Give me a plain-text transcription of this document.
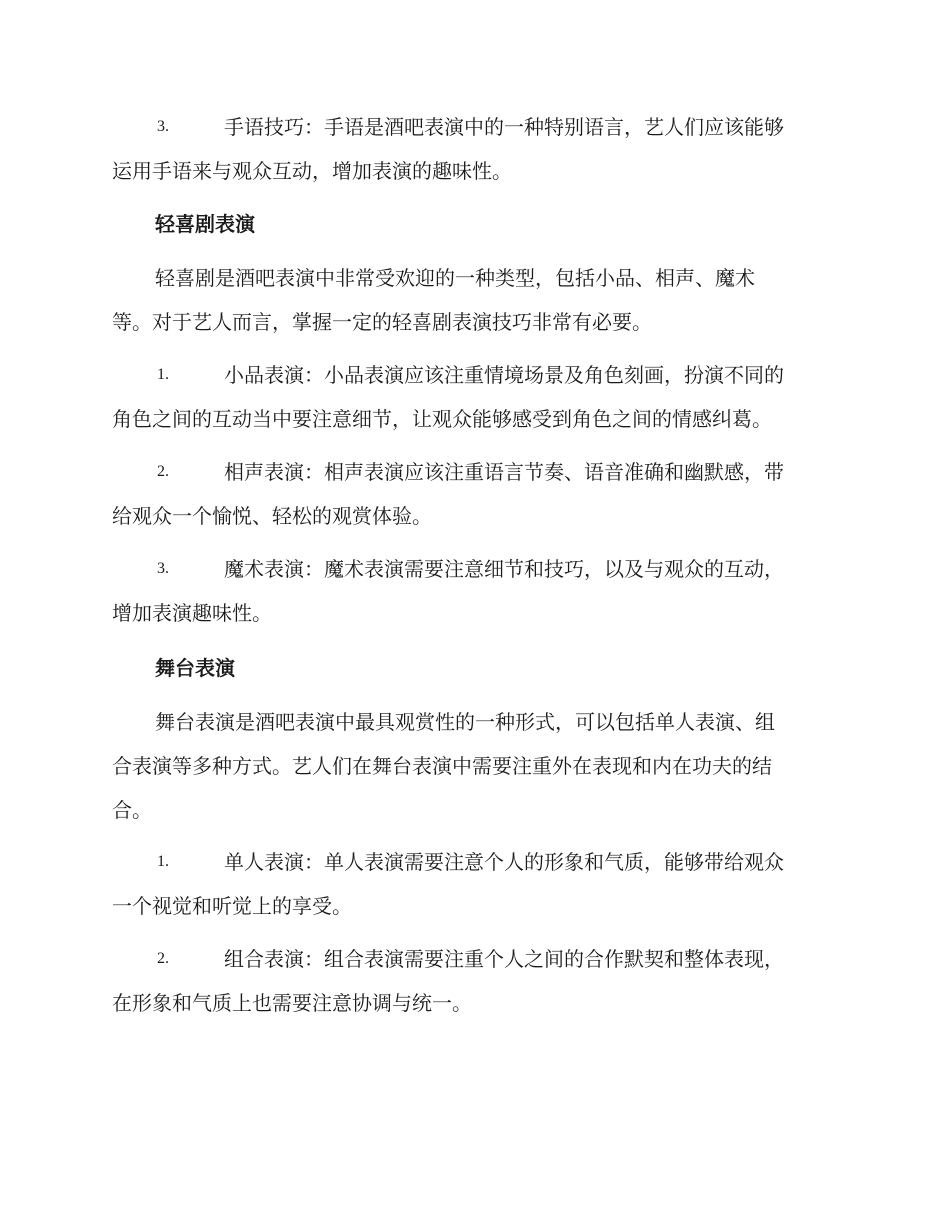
3.	手语技巧：手语是酒吧表演中的一种特别语言，艺人们应该能够
运用手语来与观众互动，增加表演的趣味性。
轻喜剧表演
轻喜剧是酒吧表演中非常受欢迎的一种类型，包括小品、相声、魔术
等。对于艺人而言，掌握一定的轻喜剧表演技巧非常有必要。
1.	小品表演：小品表演应该注重情境场景及角色刻画，扮演不同的
角色之间的互动当中要注意细节，让观众能够感受到角色之间的情感纠葛。
2.	相声表演：相声表演应该注重语言节奏、语音准确和幽默感，带
给观众一个愉悦、轻松的观赏体验。
3.	魔术表演：魔术表演需要注意细节和技巧，以及与观众的互动，
增加表演趣味性。
舞台表演
舞台表演是酒吧表演中最具观赏性的一种形式，可以包括单人表演、组
合表演等多种方式。艺人们在舞台表演中需要注重外在表现和内在功夫的结
合。
1.	单人表演：单人表演需要注意个人的形象和气质，能够带给观众
一个视觉和听觉上的享受。
2.	组合表演：组合表演需要注重个人之间的合作默契和整体表现，
在形象和气质上也需要注意协调与统一。
